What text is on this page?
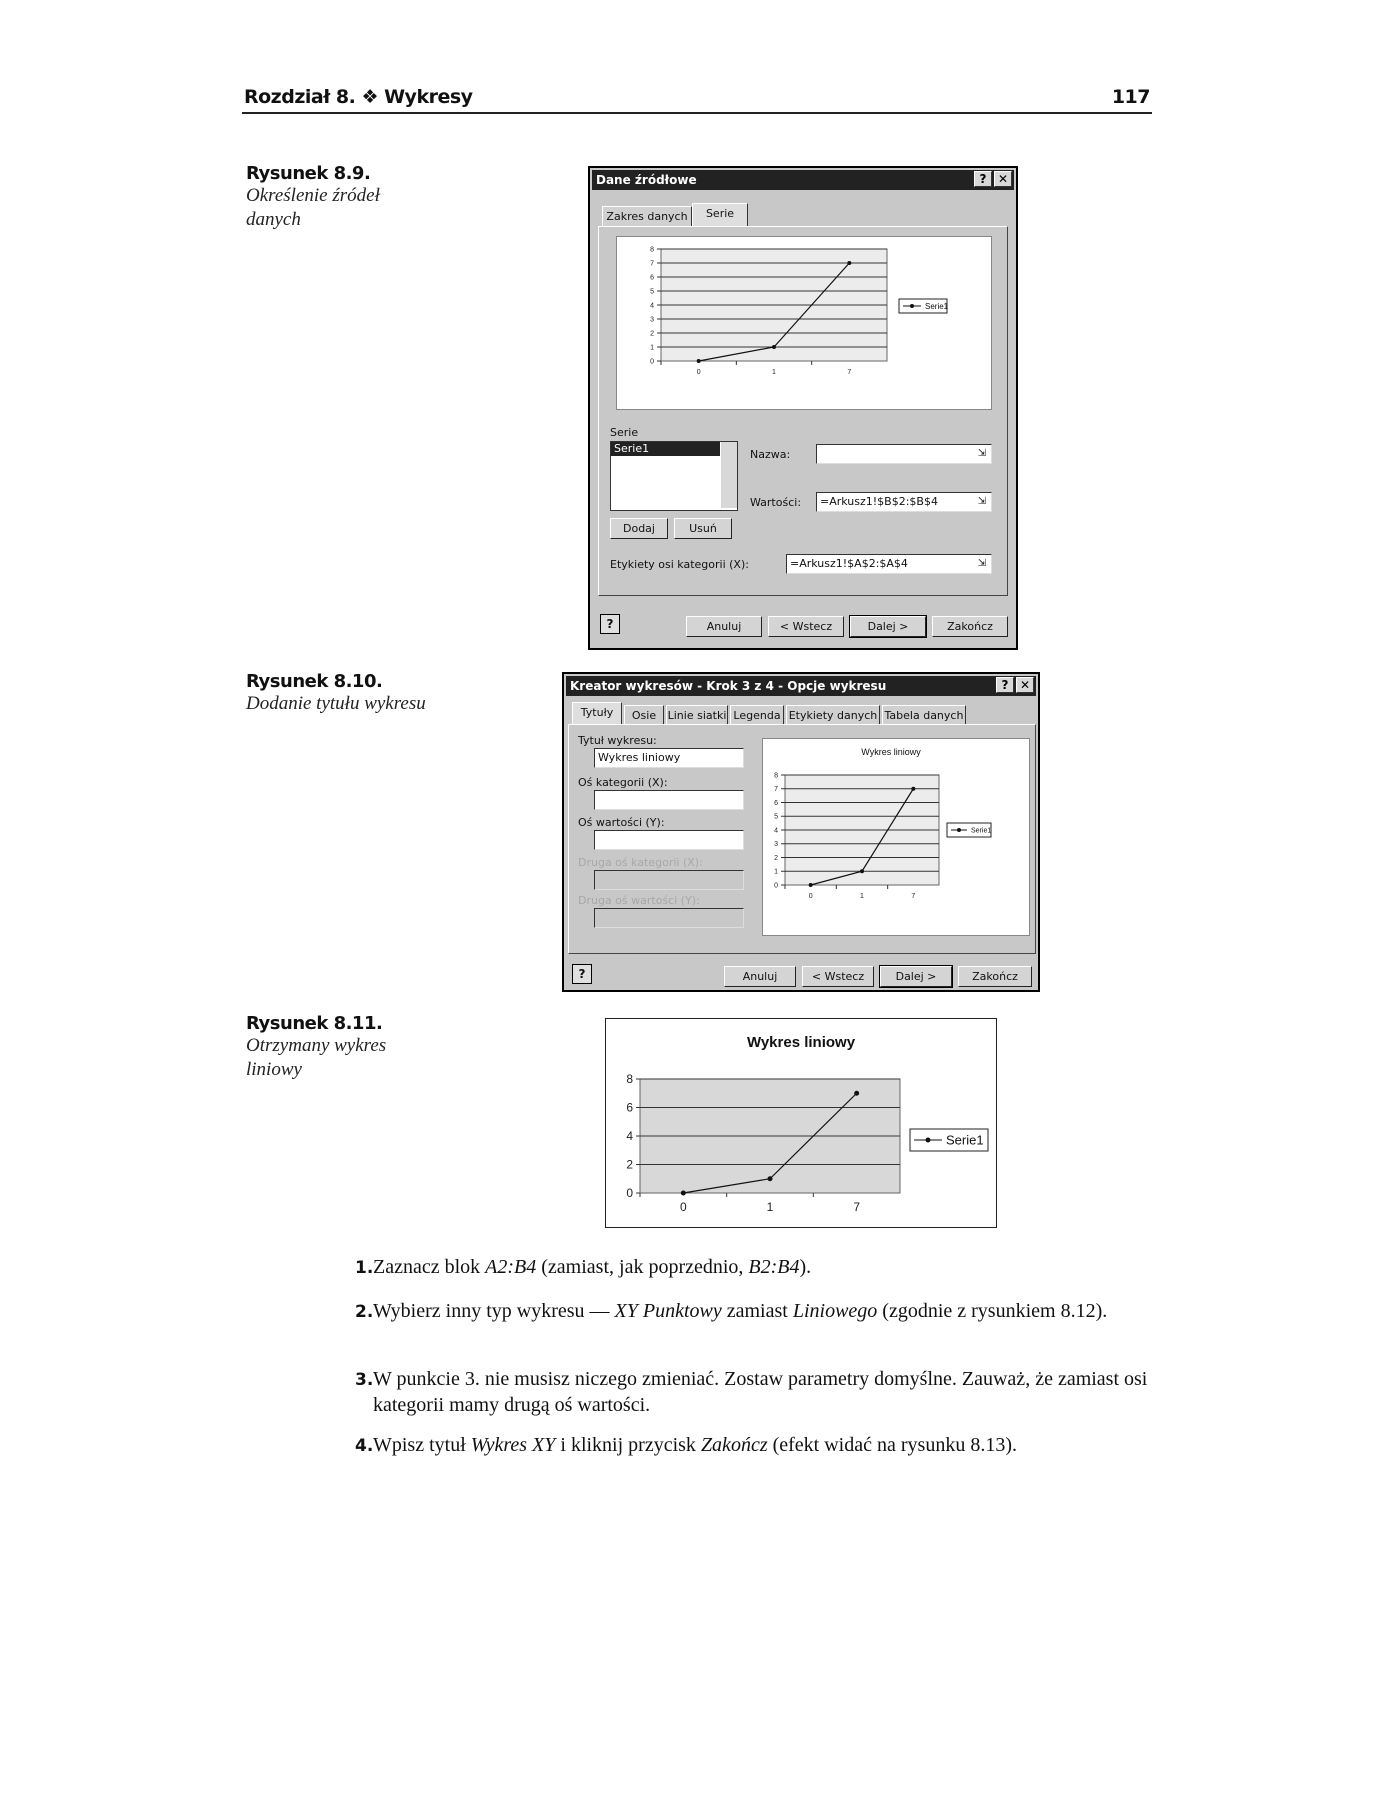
Rozdział 8. ❖ Wykresy	117
Rysunek 8.9.
Określenie źródeł danych
Rysunek 8.10.
Dodanie tytułu wykresu
Rysunek 8.11.
Otrzymany wykres liniowy
Dane źródłowe	? ✕
Zakres danych	Serie
0
1
2
3
4
5
6
7
8
0	1	7
Serie1
Serie
Serie1
Dodaj	Usuń
Nazwa:	⇲
Wartości:	=Arkusz1!$B$2:$B$4	⇲
Etykiety osi kategorii (X):	=Arkusz1!$A$2:$A$4	⇲
?	Anuluj	< Wstecz	Dalej >	Zakończ
Kreator wykresów - Krok 3 z 4 - Opcje wykresu	? ✕
Tytuły	Osie	Linie siatki Legenda Etykiety danych Tabela danych
Tytuł wykresu:
Wykres liniowy
Oś kategorii (X):
Oś wartości (Y):
Druga oś kategorii (X):
Druga oś wartości (Y):
Wykres liniowy
0
1
2
3
4
5
6
7
8
0	1	7
Serie1
?	Anuluj	< Wstecz	Dalej >	Zakończ
Wykres liniowy
0
2
4
6
8
0	1	7
Serie1
1. Zaznacz blok A2:B4 (zamiast, jak poprzednio, B2:B4).
2. Wybierz inny typ wykresu — XY Punktowy zamiast Liniowego (zgodnie z rysunkiem 8.12).
3. W punkcie 3. nie musisz niczego zmieniać. Zostaw parametry domyślne. Zauważ, że zamiast osi kategorii mamy drugą oś wartości.
4. Wpisz tytuł Wykres XY i kliknij przycisk Zakończ (efekt widać na rysunku 8.13).
